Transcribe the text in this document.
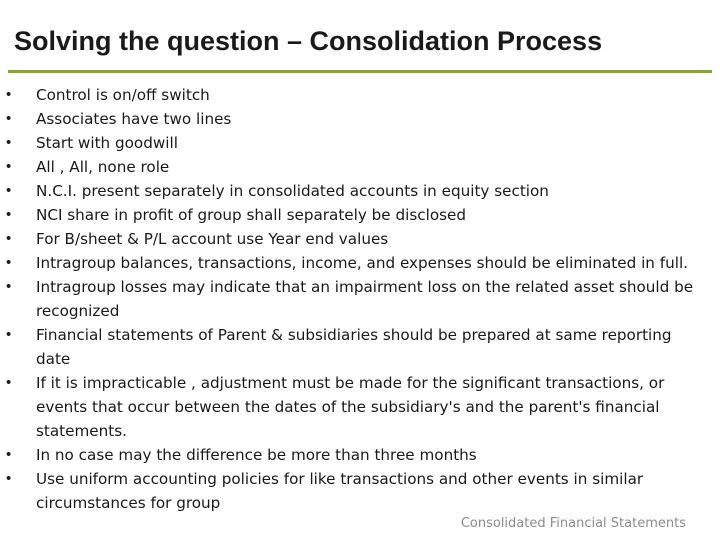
Solving the question – Consolidation Process
• Control is on/off switch
• Associates have two lines
• Start with goodwill
• All , All, none role
• N.C.I. present separately in consolidated accounts in equity section
• NCI share in profit of group shall separately be disclosed
• For B/sheet & P/L account use Year end values
• Intragroup balances, transactions, income, and expenses should be eliminated in full.
• Intragroup losses may indicate that an impairment loss on the related asset should be recognized
• Financial statements of Parent & subsidiaries should be prepared at same reporting date
• If it is impracticable , adjustment must be made for the significant transactions, or events that occur between the dates of the subsidiary's and the parent's financial statements.
• In no case may the difference be more than three months
• Use uniform accounting policies for like transactions and other events in similar circumstances for group
Consolidated Financial Statements
